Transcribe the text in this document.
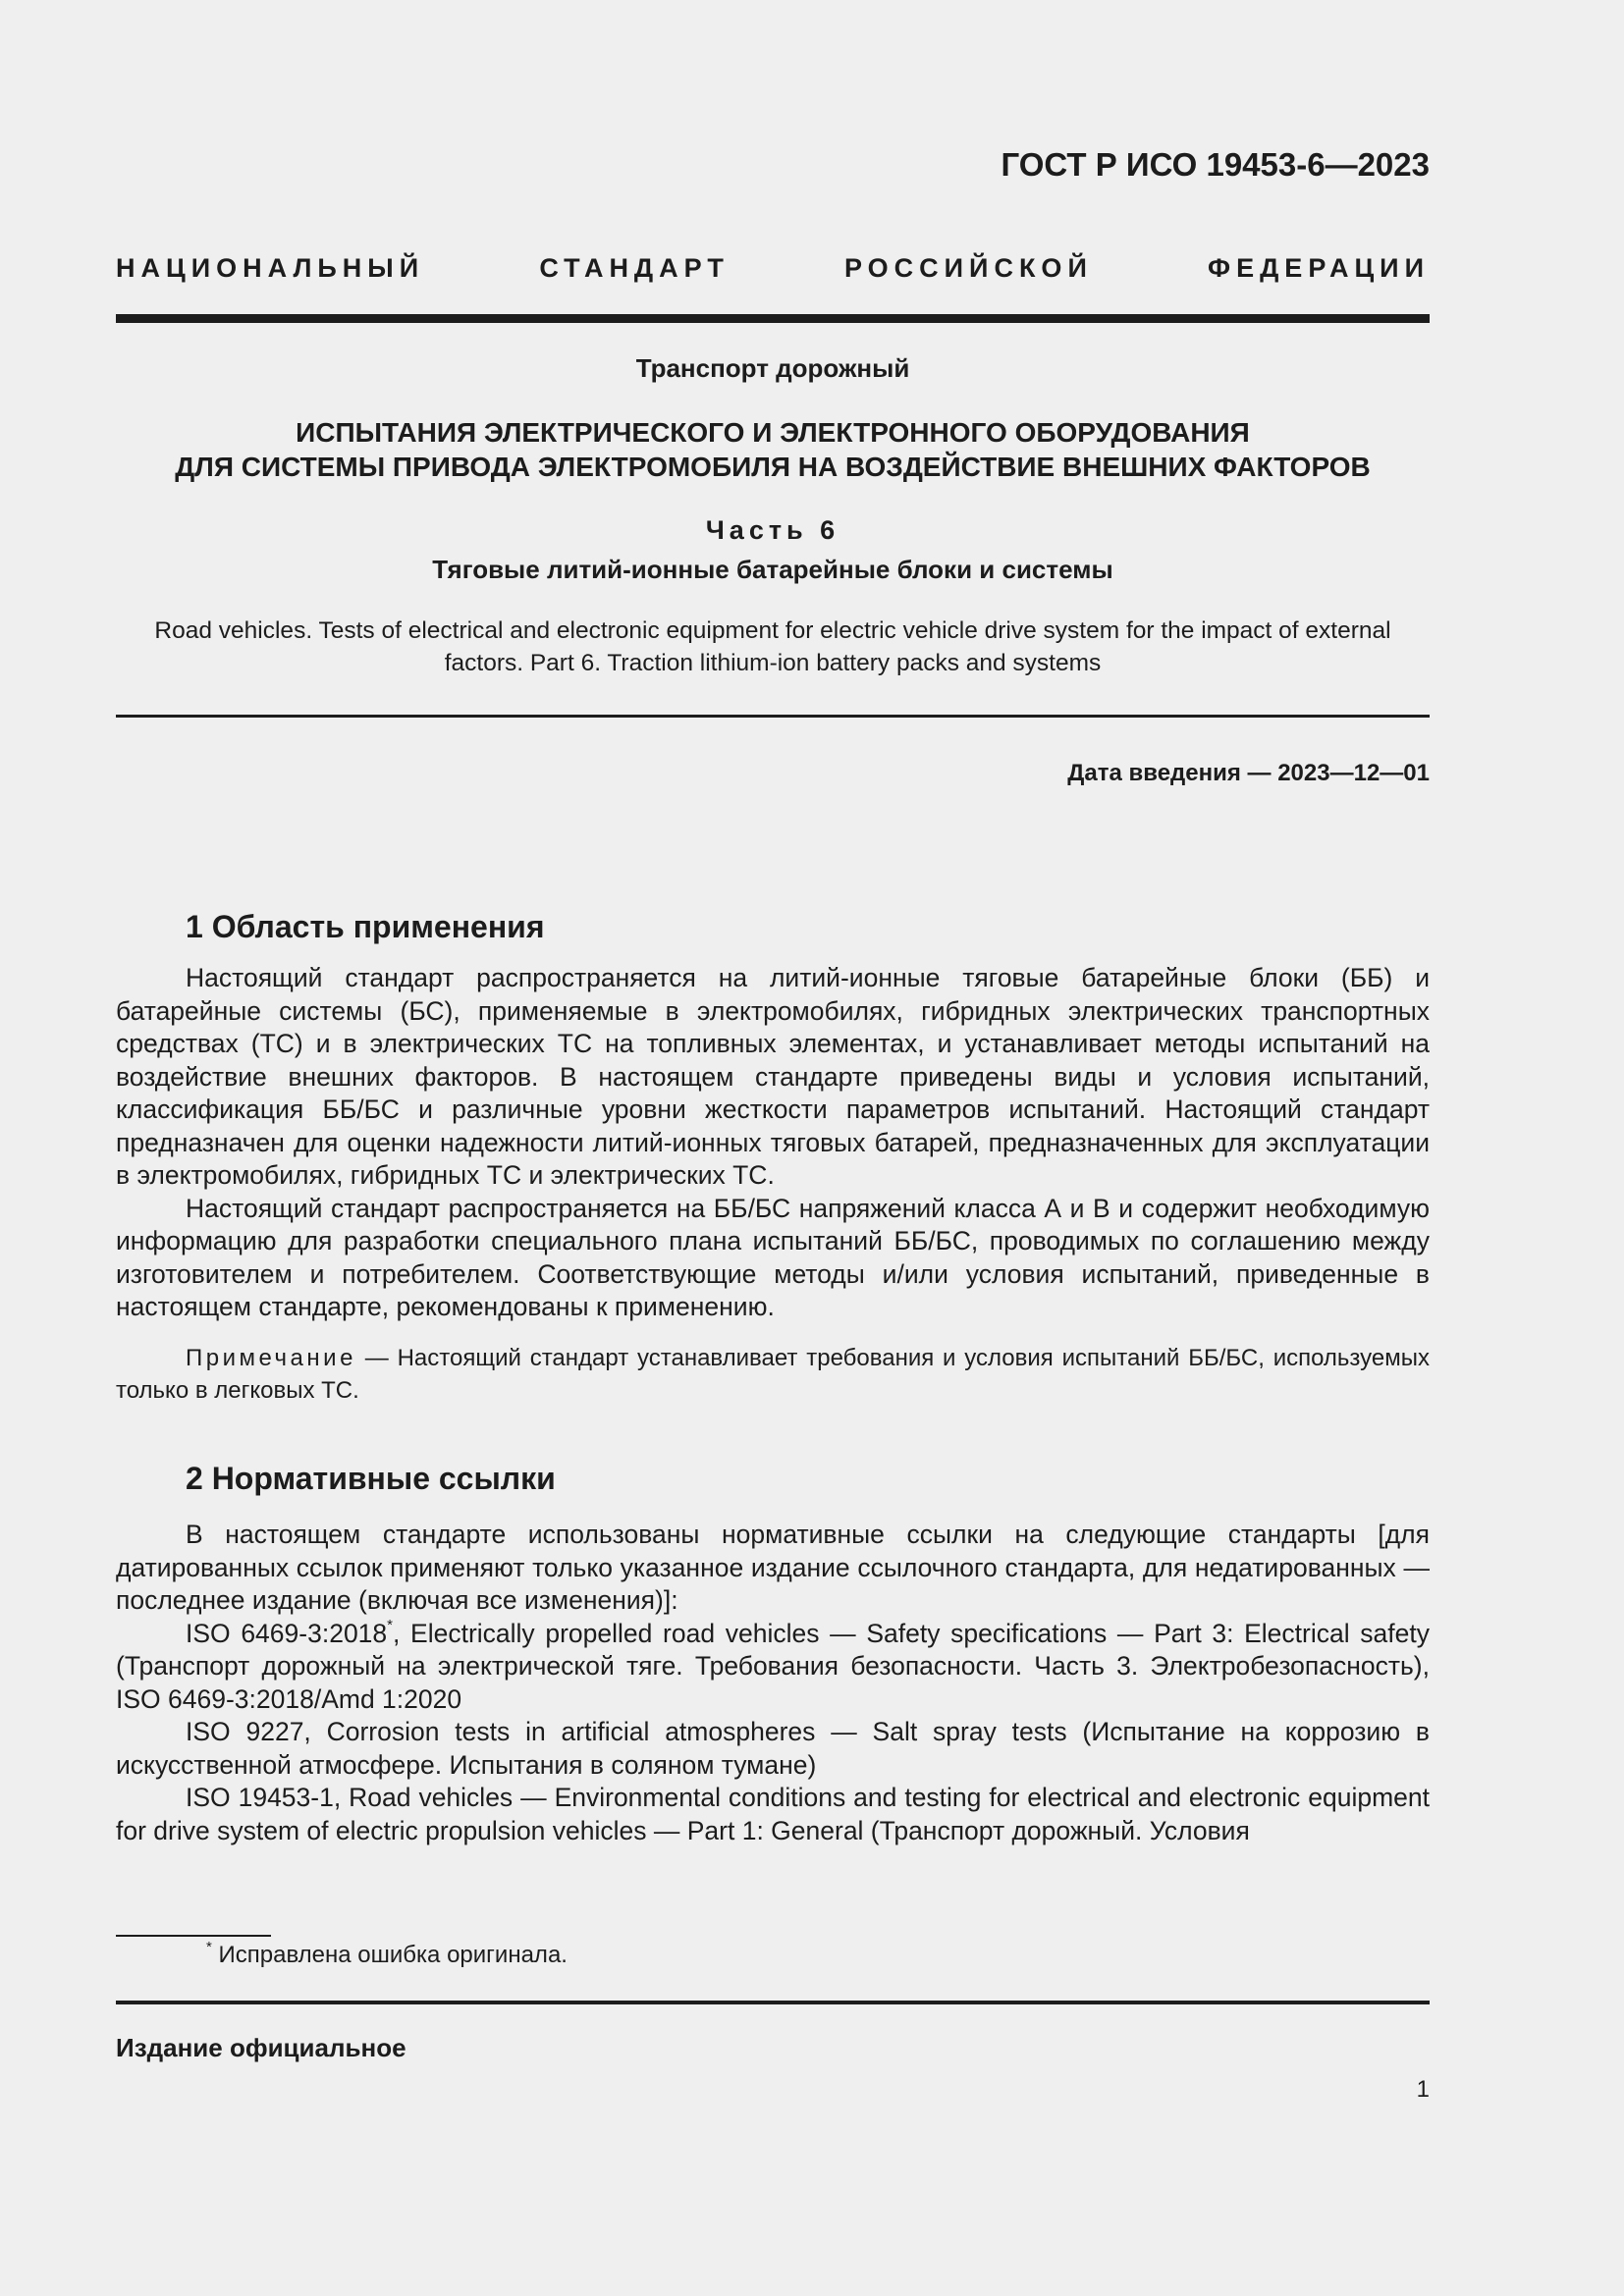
ГОСТ Р ИСО 19453-6—2023
НАЦИОНАЛЬНЫЙ СТАНДАРТ РОССИЙСКОЙ ФЕДЕРАЦИИ
Транспорт дорожный
ИСПЫТАНИЯ ЭЛЕКТРИЧЕСКОГО И ЭЛЕКТРОННОГО ОБОРУДОВАНИЯ
ДЛЯ СИСТЕМЫ ПРИВОДА ЭЛЕКТРОМОБИЛЯ НА ВОЗДЕЙСТВИЕ ВНЕШНИХ ФАКТОРОВ
Часть 6
Тяговые литий-ионные батарейные блоки и системы
Road vehicles. Tests of electrical and electronic equipment for electric vehicle drive system for the impact of external
factors. Part 6. Traction lithium-ion battery packs and systems
Дата введения — 2023—12—01
1 Область применения

Настоящий стандарт распространяется на литий-ионные тяговые батарейные блоки (ББ) и батарейные системы (БС), применяемые в электромобилях, гибридных электрических транспортных средствах (ТС) и в электрических ТС на топливных элементах, и устанавливает методы испытаний на воздействие внешних факторов. В настоящем стандарте приведены виды и условия испытаний, классификация ББ/БС и различные уровни жесткости параметров испытаний. Настоящий стандарт предназначен для оценки надежности литий-ионных тяговых батарей, предназначенных для эксплуатации в электромобилях, гибридных ТС и электрических ТС.

Настоящий стандарт распространяется на ББ/БС напряжений класса А и В и содержит необходимую информацию для разработки специального плана испытаний ББ/БС, проводимых по соглашению между изготовителем и потребителем. Соответствующие методы и/или условия испытаний, приведенные в настоящем стандарте, рекомендованы к применению.

Примечание — Настоящий стандарт устанавливает требования и условия испытаний ББ/БС, используемых только в легковых ТС.

2 Нормативные ссылки

В настоящем стандарте использованы нормативные ссылки на следующие стандарты [для датированных ссылок применяют только указанное издание ссылочного стандарта, для недатированных — последнее издание (включая все изменения)]:

ISO 6469-3:2018*, Electrically propelled road vehicles — Safety specifications — Part 3: Electrical safety (Транспорт дорожный на электрической тяге. Требования безопасности. Часть 3. Электробезопасность), ISO 6469-3:2018/Amd 1:2020

ISO 9227, Corrosion tests in artificial atmospheres — Salt spray tests (Испытание на коррозию в искусственной атмосфере. Испытания в соляном тумане)

ISO 19453-1, Road vehicles — Environmental conditions and testing for electrical and electronic equipment for drive system of electric propulsion vehicles — Part 1: General (Транспорт дорожный. Условия

* Исправлена ошибка оригинала.
Издание официальное
1
